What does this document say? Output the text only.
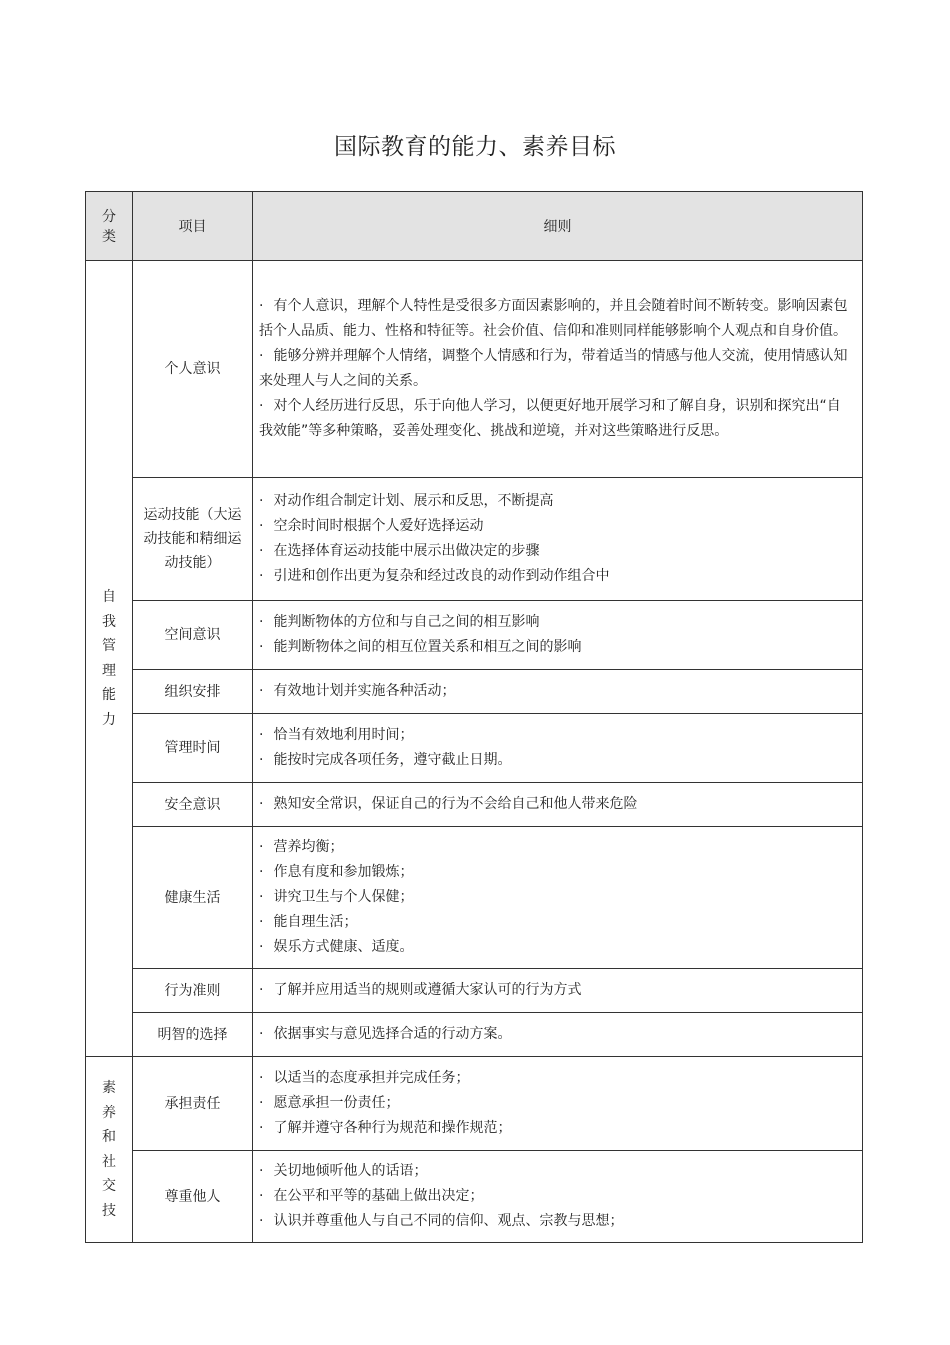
国际教育的能力、素养目标
分类	项目	细则

自我管理能力	个人意识	· 有个人意识，理解个人特性是受很多方面因素影响的，并且会随着时间不断转变。影响因素包括个人品质、能力、性格和特征等。社会价值、信仰和准则同样能够影响个人观点和自身价值。
· 能够分辨并理解个人情绪，调整个人情感和行为，带着适当的情感与他人交流，使用情感认知来处理人与人之间的关系。
· 对个人经历进行反思，乐于向他人学习，以便更好地开展学习和了解自身，识别和探究出“自我效能”等多种策略，妥善处理变化、挑战和逆境，并对这些策略进行反思。

	运动技能（大运动技能和精细运动技能）	· 对动作组合制定计划、展示和反思，不断提高
· 空余时间时根据个人爱好选择运动
· 在选择体育运动技能中展示出做决定的步骤
· 引进和创作出更为复杂和经过改良的动作到动作组合中

	空间意识	· 能判断物体的方位和与自己之间的相互影响
· 能判断物体之间的相互位置关系和相互之间的影响

	组织安排	· 有效地计划并实施各种活动；

	管理时间	· 恰当有效地利用时间；
· 能按时完成各项任务，遵守截止日期。

	安全意识	· 熟知安全常识，保证自己的行为不会给自己和他人带来危险

	健康生活	· 营养均衡；
· 作息有度和参加锻炼；
· 讲究卫生与个人保健；
· 能自理生活；
· 娱乐方式健康、适度。

	行为准则	· 了解并应用适当的规则或遵循大家认可的行为方式

	明智的选择	· 依据事实与意见选择合适的行动方案。

素养和社交技	承担责任	· 以适当的态度承担并完成任务；
· 愿意承担一份责任；
· 了解并遵守各种行为规范和操作规范；

	尊重他人	· 关切地倾听他人的话语；
· 在公平和平等的基础上做出决定；
· 认识并尊重他人与自己不同的信仰、观点、宗教与思想；
